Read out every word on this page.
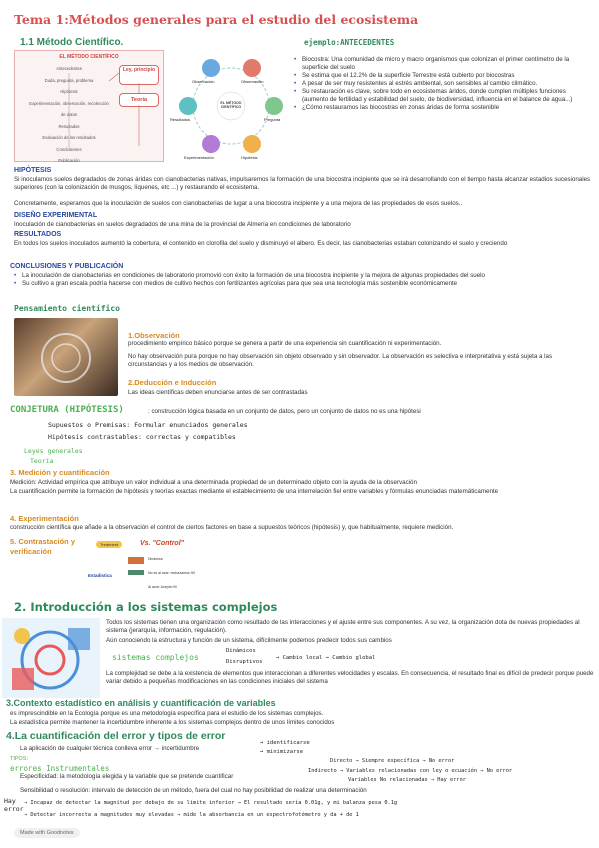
Tema 1:Métodos generales para el estudio del ecosistema
1.1 Método Científico.	ejemplo:ANTECEDENTES
EL MÉTODO CIENTÍFICO
Antecedentes
Duda, pregunta, problema
Hipótesis
Experimentación, observación, recolección de datos
Resultados
Evaluación de los resultados
Conclusiones
Publicación
Ley, principio
Teoría	EL MÉTODO CIENTÍFICO
Observación	Observación
Pregunta
Hipótesis
Experimentación
Resultados
• Biocostra: Una comunidad de micro y macro organismos que colonizan el primer centímetro de la superficie del suelo
• Se estima que el 12.2% de la superficie Terrestre está cubierto por biocostras
• A pesar de ser muy resistentes al estrés ambiental, son sensibles al cambio climático.
• Su restauración es clave, sobre todo en ecosistemas áridos, donde cumplen múltiples funciones (aumento de fertilidad y estabilidad del suelo, de biodiversidad, influencia en el balance de agua...)
• ¿Cómo restauramos las biocostras en zonas áridas de forma sostenible
HIPÓTESIS
Si inoculamos suelos degradados de zonas áridas con cianobacterias nativas, impulsaremos la formación de una biocostra incipiente que se irá desarrollando con el tiempo hasta alcanzar estadios sucesionales superiores (con la colonización de musgos, líquenes, etc ...) y restaurando el ecosistema.
Concretamente, esperamos que la inoculación de suelos con cianobacterias de lugar a una biocostra incipiente y a una mejora de las propiedades de esos suelos..
DISEÑO EXPERIMENTAL
Inoculación de cianobacterias en suelos degradados de una mina de la provincial de Almería en condiciones de laboratorio
RESULTADOS
En todos los suelos inoculados aumentó la cobertura, el contenido en clorofila del suelo y disminuyó el albero. Es decir, las cianobacterias estaban colonizando el suelo y creciendo
CONCLUSIONES Y PUBLICACIÓN
• La inoculación de cianobacterias en condiciones de laboratorio promovió con éxito la formación de una biocostra incipiente y la mejora de algunas propiedades del suelo
• Su cultivo a gran escala podría hacerse con medios de cultivo hechos con fertilizantes agrícolas para que sea una tecnología más sostenible económicamente
Pensamiento científico
1.Observación
procedimiento empírico básico porque se genera a partir de una experiencia sin cuantificación ni experimentación.
No hay observación pura porque no hay observación sin objeto observado y sin observador. La observación es selectiva e interpretativa y está sujeta a las circunstancias y a los medios de observación.
2.Deducción e Inducción
Las ideas científicas deben enunciarse antes de ser contrastadas
CONJETURA (HIPÓTESIS)	: construcción lógica basada en un conjunto de datos, pero un conjunto de datos no es una hipótesi
Supuestos o Premisas: Formular enunciados generales
Hipótesis contrastables: correctas y compatibles
Leyes generales
Teoría
3. Medición y cuantificación
Medición: Actividad empírica que atribuye un valor individual a una determinada propiedad de un determinado objeto con la ayuda de la observación
La cuantificación permite la formación de hipótesis y teorías exactas mediante el establecimiento de una interrelación fiel entre variables y fórmulas enunciadas matemáticamente
4. Experimentación
construcción científica que añade a la observación el control de ciertos factores en base a supuestos teóricos (hipótesis) y, que habitualmente, requiere medición.
5. Contrastación y verificación
Treatment	Vs. "Control"
Estadística
Dinámica
No es al azar: rechazamos H0
Al azar: Acepta H0
2. Introducción a los sistemas complejos
Todos los sistemas tienen una organización como resultado de las interacciones y el ajuste entre sus componentes. A su vez, la organización dota de nuevas propiedades al sistema (jerarquía, información, regulación).
Aún conociendo la estructura y función de un sistema, difícilmente podemos predecir todos sus cambios
sistemas complejos
Dinámicos
Disruptivos
→ Cambio local → Cambio global
La complejidad se debe a la existencia de elementos que interaccionan a diferentes velocidades y escalas. En consecuencia, el resultado final es difícil de predecir porque puede variar debido a pequeñas modificaciones en las condiciones iniciales del sistema
3.Contexto estadístico en análisis y cuantificación de variables
es imprescindible en la Ecología porque es una metodología específica para el estudio de los sistemas complejos.
La estadística permite mantener la incertidumbre inherente a los sistemas complejos dentro de unos límites conocidos
4.La cuantificación del error y tipos de error
La aplicación de cualquier técnica conlleva error → incertidumbre
→ identificarse
→ minimizarse
TIPOS:
errores Instrumentales
Directo → Siempre específica → No error
Especificidad: la metodología elegida y la variable que se pretende cuantificar
Indirecto → Variables relacionadas con ley o ecuación → No error
Variables No relacionadas → Hay error
Sensibilidad o resolución: intervalo de detección de un método, fuera del cual no hay posibilidad de realizar una determinación
Hay error
→ Incapaz de detectar la magnitud por debajo de su límite inferior → El resultado sería 0.01g, y mi balanza pesa 0.1g
→ Detectar incorrecta a magnitudes muy elevadas → mide la absorbancia en un espectrofotómetro y da + de 1
Made with Goodnotes
